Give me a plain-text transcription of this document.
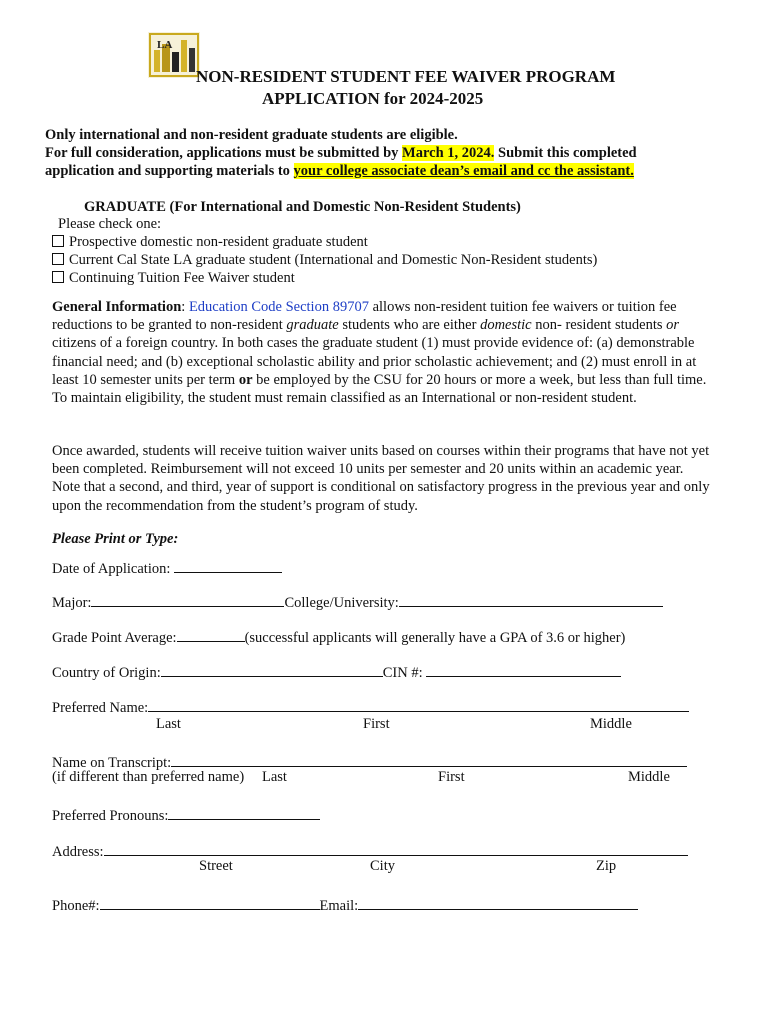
LA
NON-RESIDENT STUDENT FEE WAIVER PROGRAM
APPLICATION for 2024-2025
Only international and non-resident graduate students are eligible.
For full consideration, applications must be submitted by March 1, 2024. Submit this completed
application and supporting materials to your college associate dean’s email and cc the assistant.
GRADUATE (For International and Domestic Non-Resident Students)
Please check one:
Prospective domestic non-resident graduate student
Current Cal State LA graduate student (International and Domestic Non-Resident students)
Continuing Tuition Fee Waiver student
General Information: Education Code Section 89707 allows non-resident tuition fee waivers or tuition fee reductions to be granted to non-resident graduate students who are either domestic non- resident students or citizens of a foreign country. In both cases the graduate student (1) must provide evidence of: (a) demonstrable financial need; and (b) exceptional scholastic ability and prior scholastic achievement; and (2) must enroll in at least 10 semester units per term or be employed by the CSU for 20 hours or more a week, but less than full time. To maintain eligibility, the student must remain classified as an International or non-resident student.
Once awarded, students will receive tuition waiver units based on courses within their programs that have not yet been completed. Reimbursement will not exceed 10 units per semester and 20 units within an academic year. Note that a second, and third, year of support is conditional on satisfactory progress in the previous year and only upon the recommendation from the student’s program of study.
Please Print or Type:
Date of Application:
Major:	College/University:
Grade Point Average:	(successful applicants will generally have a GPA of 3.6 or higher)
Country of Origin:	CIN #:
Preferred Name:
Last	First	Middle
Name on Transcript:
(if different than preferred name) Last	First	Middle
Preferred Pronouns:
Address:
Street	City	Zip
Phone#:	Email:
